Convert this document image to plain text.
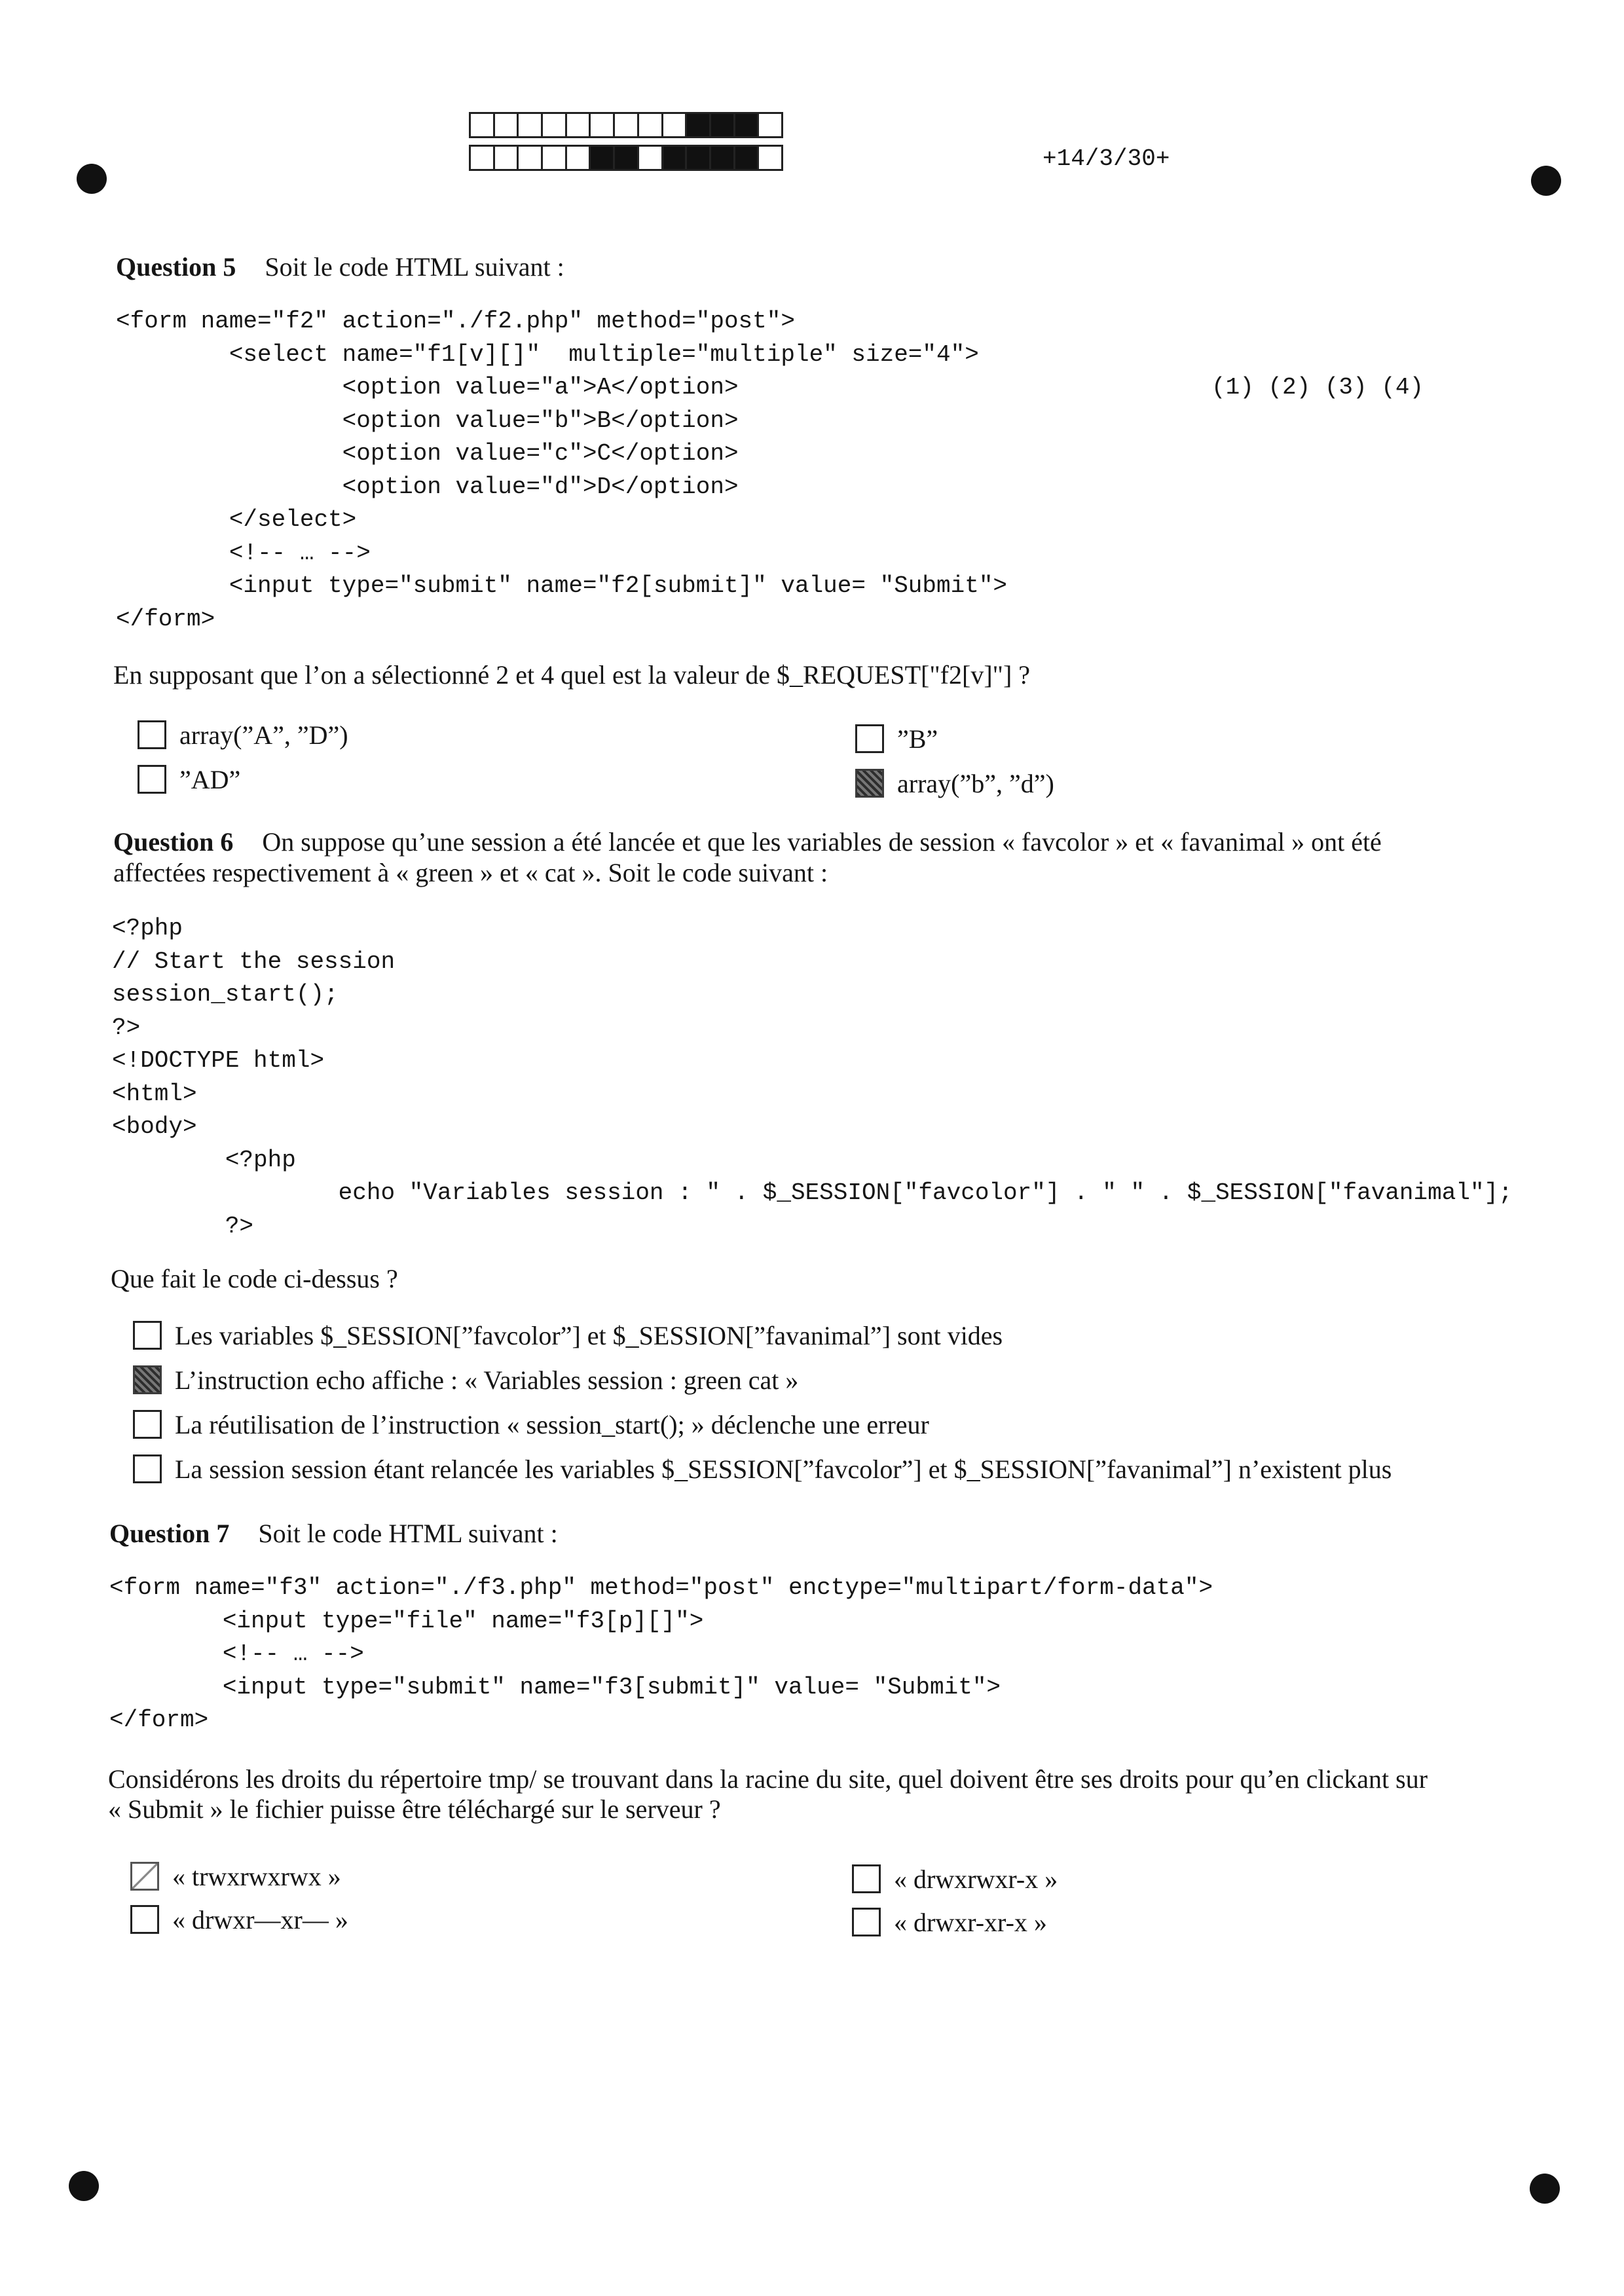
+14/3/30+
Question 5 Soit le code HTML suivant :
<form name="f2" action="./f2.php" method="post">
<select name="f1[v][]"  multiple="multiple" size="4">
<option value="a">A</option>
<option value="b">B</option>
<option value="c">C</option>
<option value="d">D</option>
</select>
<!-- … -->
<input type="submit" name="f2[submit]" value= "Submit">
</form>
(1) (2) (3) (4)
En supposant que l’on a sélectionné 2 et 4 quel est la valeur de $_REQUEST["f2[v]"] ?
array(”A”, ”D”)
”AD”
”B”
array(”b”, ”d”)
Question 6 On suppose qu’une session a été lancée et que les variables de session « favcolor » et « favanimal » ont été
affectées respectivement à « green » et « cat ». Soit le code suivant :
<?php
// Start the session
session_start();
?>
<!DOCTYPE html>
<html>
<body>
<?php
echo "Variables session : " . $_SESSION["favcolor"] . " " . $_SESSION["favanimal"];
?>
Que fait le code ci-dessus ?
Les variables $_SESSION[”favcolor”] et $_SESSION[”favanimal”] sont vides
L’instruction echo affiche : « Variables session : green cat »
La réutilisation de l’instruction « session_start(); » déclenche une erreur
La session session étant relancée les variables $_SESSION[”favcolor”] et $_SESSION[”favanimal”] n’existent plus
Question 7 Soit le code HTML suivant :
<form name="f3" action="./f3.php" method="post" enctype="multipart/form-data">
<input type="file" name="f3[p][]">
<!-- … -->
<input type="submit" name="f3[submit]" value= "Submit">
</form>
Considérons les droits du répertoire tmp/ se trouvant dans la racine du site, quel doivent être ses droits pour qu’en clickant sur
« Submit » le fichier puisse être téléchargé sur le serveur ?
« trwxrwxrwx »
« drwxr—xr— »
« drwxrwxr-x »
« drwxr-xr-x »
